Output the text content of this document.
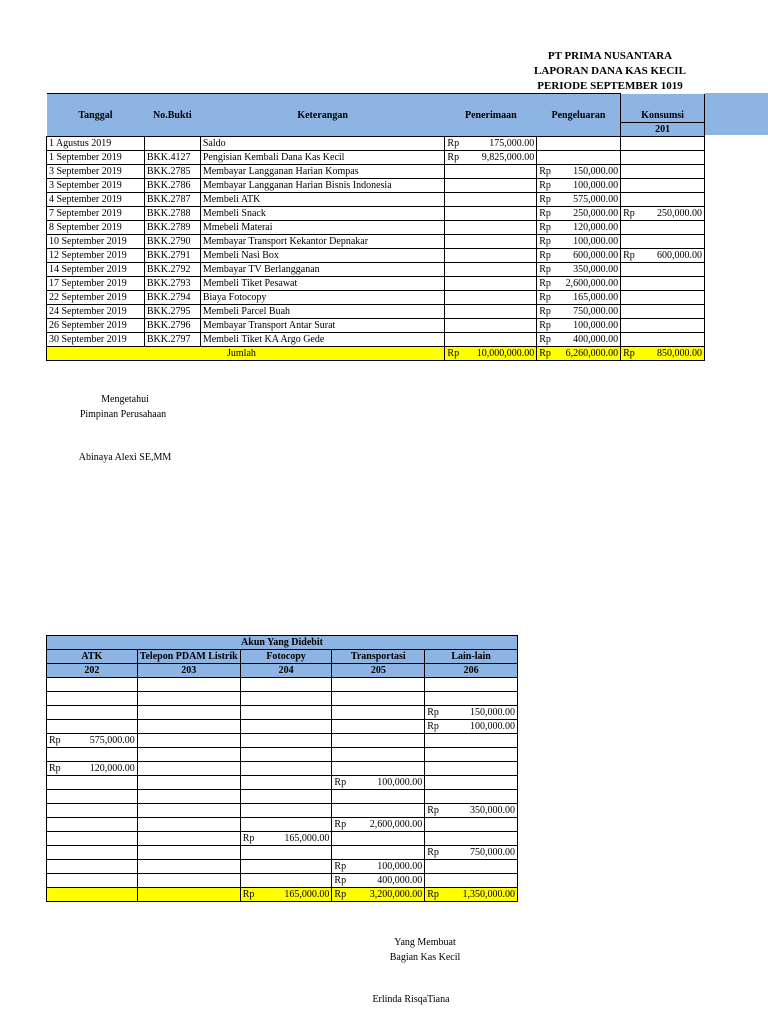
PT PRIMA NUSANTARA
LAPORAN DANA KAS KECIL
PERIODE SEPTEMBER 1019
Tanggal	No.Bukti	Keterangan	Penerimaan	Pengeluaran	Konsumsi
					201
1 Agustus 2019		Saldo	Rp 175,000.00		

1 September 2019	BKK.4127	Pengisian Kembali Dana Kas Kecil	Rp 9,825,000.00		

3 September 2019	BKK.2785	Membayar Langganan Harian Kompas		Rp 150,000.00	

3 September 2019	BKK.2786	Membayar Langganan Harian Bisnis Indonesia		Rp 100,000.00	

4 September 2019	BKK.2787	Membeli ATK		Rp 575,000.00	

7 September 2019	BKK.2788	Membeli Snack		Rp 250,000.00	Rp 250,000.00

8 September 2019	BKK.2789	Mmebeli Materai		Rp 120,000.00	

10 September 2019	BKK.2790	Membayar Transport Kekantor Depnakar		Rp 100,000.00	

12 September 2019	BKK.2791	Membeli Nasi Box		Rp 600,000.00	Rp 600,000.00

14 September 2019	BKK.2792	Membayar TV Berlangganan		Rp 350,000.00	

17 September 2019	BKK.2793	Membeli Tiket Pesawat		Rp 2,600,000.00	

22 September 2019	BKK.2794	Biaya Fotocopy		Rp 165,000.00	

24 September 2019	BKK.2795	Membeli Parcel Buah		Rp 750,000.00	

26 September 2019	BKK.2796	Membayar Transport Antar Surat		Rp 100,000.00	

30 September 2019	BKK.2797	Membeli Tiket KA Argo Gede		Rp 400,000.00	

Jumlah			Rp 10,000,000.00	Rp 6,260,000.00	Rp 850,000.00
Mengetahui
Pimpinan Perusahaan
Abinaya Alexi SE,MM
Akun Yang Didebit				
ATK	Telepon PDAM Listrik	Fotocopy	Transportasi	Lain-lain
202	203	204	205	206

				Rp 150,000.00

				Rp 100,000.00

Rp 575,000.00				

Rp 120,000.00				

			Rp 100,000.00	

				Rp 350,000.00

			Rp 2,600,000.00	

		Rp 165,000.00		

				Rp 750,000.00

			Rp 100,000.00	

			Rp 400,000.00	

		Rp 165,000.00	Rp 3,200,000.00	Rp 1,350,000.00
Yang Membuat
Bagian Kas Kecil
Erlinda RisqaTiana
